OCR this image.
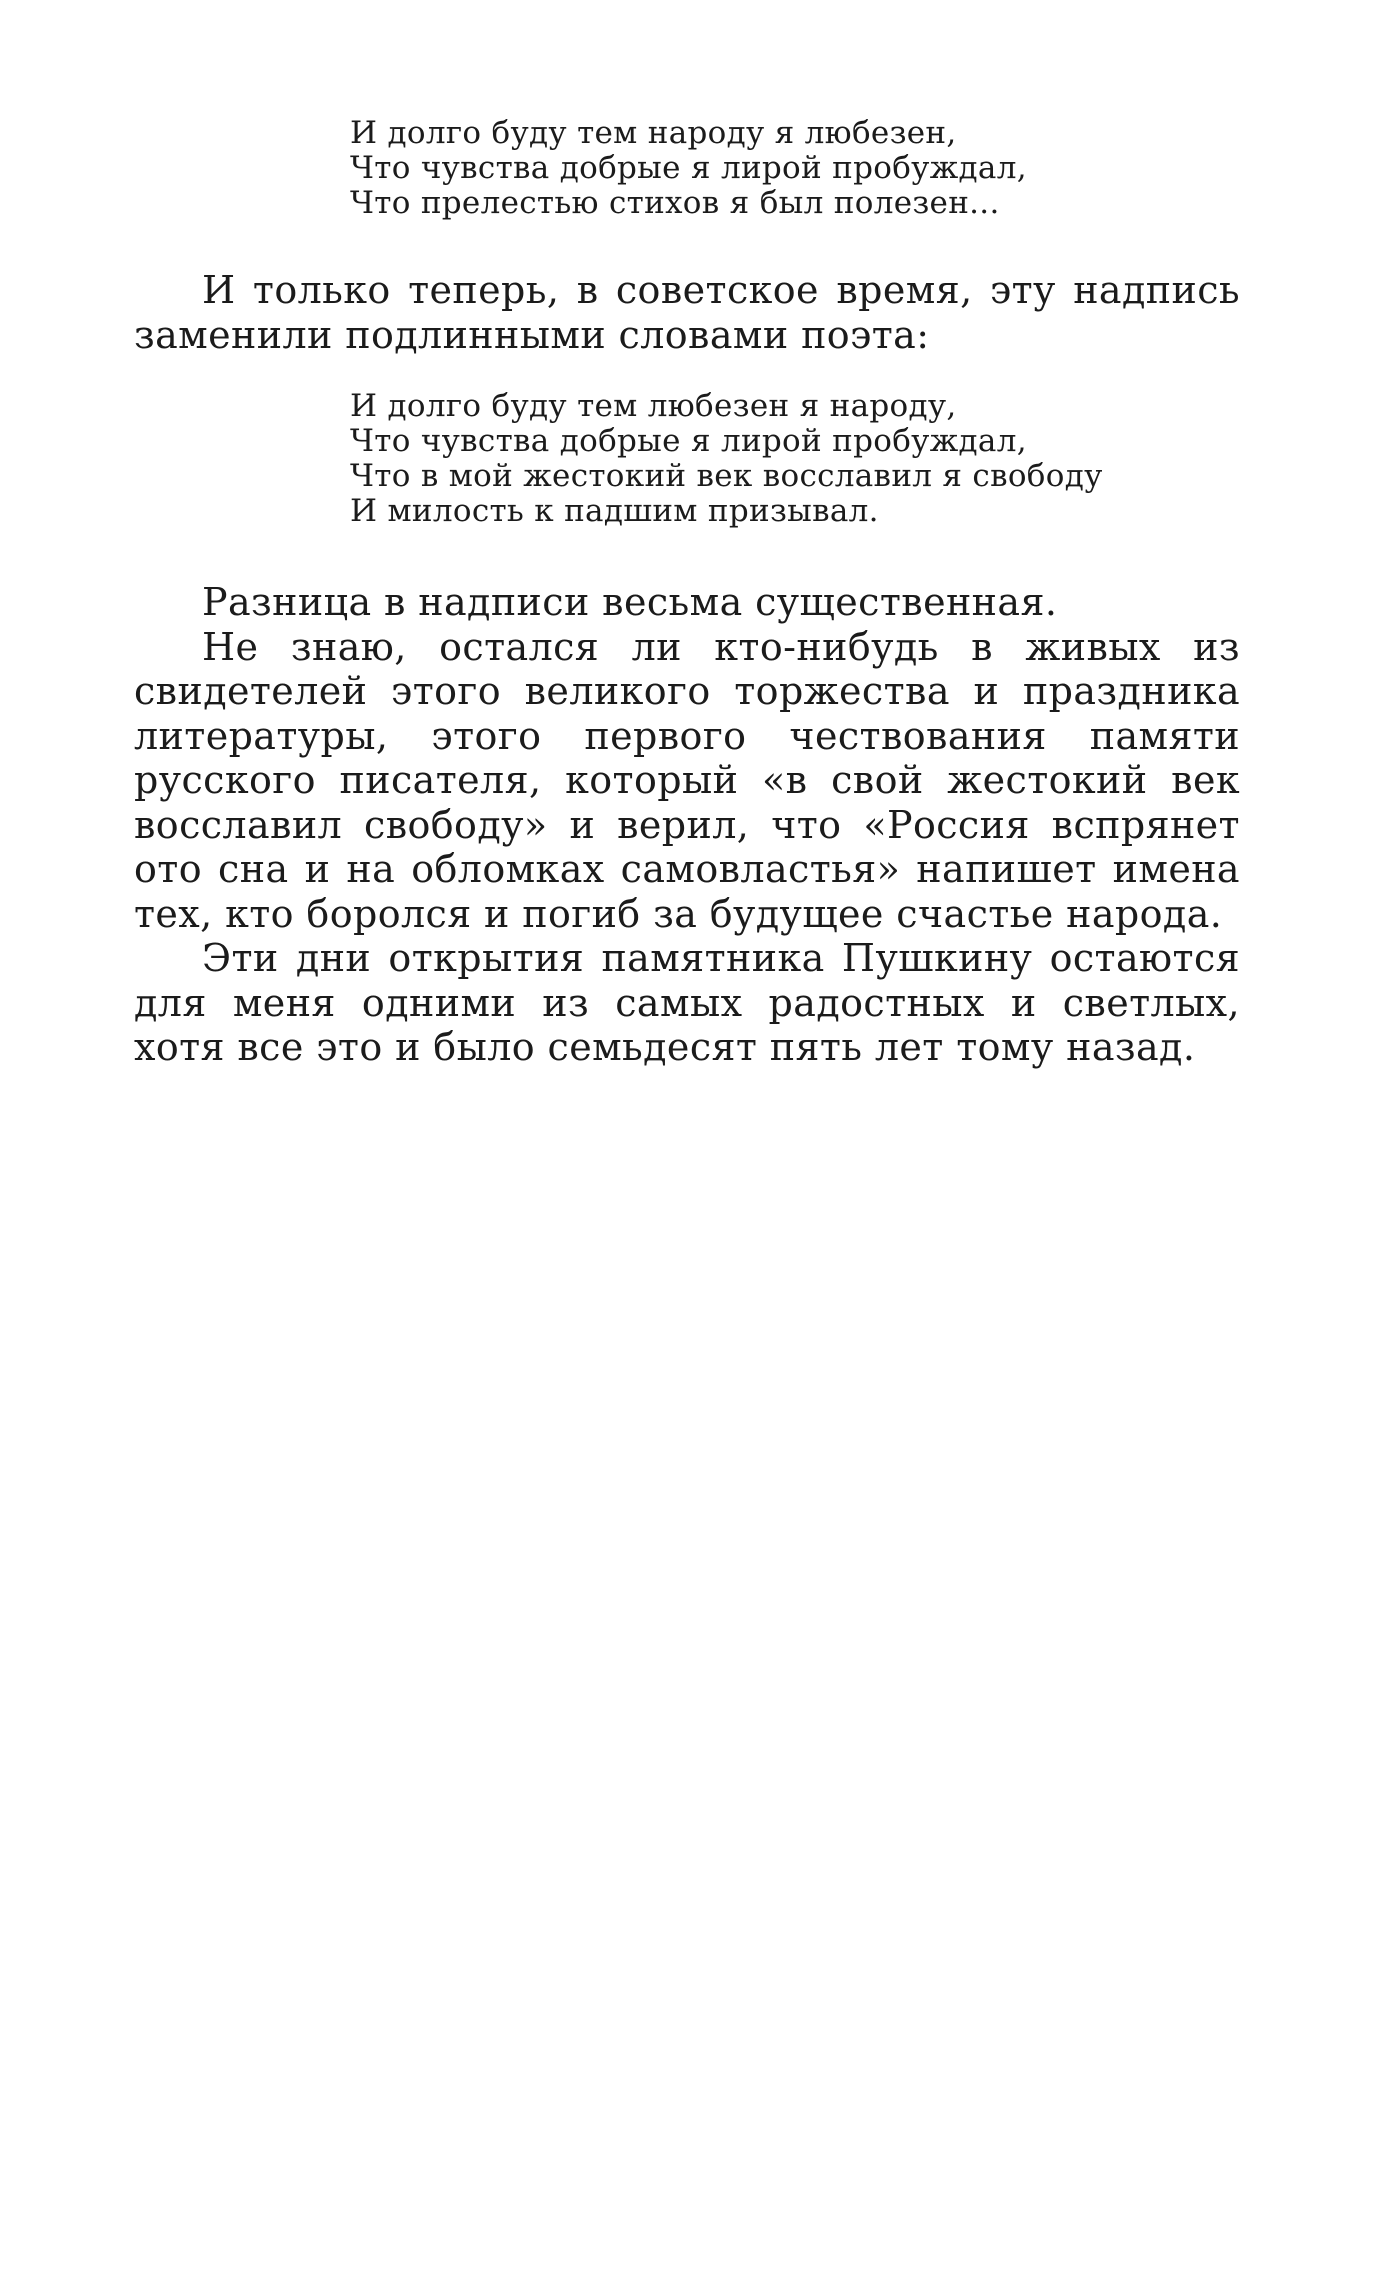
И долго буду тем народу я любезен,
Что чувства добрые я лирой пробуждал,
Что прелестью стихов я был полезен...

И только теперь, в советское время, эту надпись заменили подлинными словами поэта:

И долго буду тем любезен я народу,
Что чувства добрые я лирой пробуждал,
Что в мой жестокий век восславил я свободу
И милость к падшим призывал.

Разница в надписи весьма существенная.

Не знаю, остался ли кто-нибудь в живых из свидетелей этого великого торжества и праздника литературы, этого первого чествования памяти русского писателя, который «в свой жестокий век восславил свободу» и верил, что «Россия вспрянет ото сна и на обломках самовластья» напишет имена тех, кто боролся и погиб за будущее счастье народа.

Эти дни открытия памятника Пушкину остаются для меня одними из самых радостных и светлых, хотя все это и было семьдесят пять лет тому назад.
